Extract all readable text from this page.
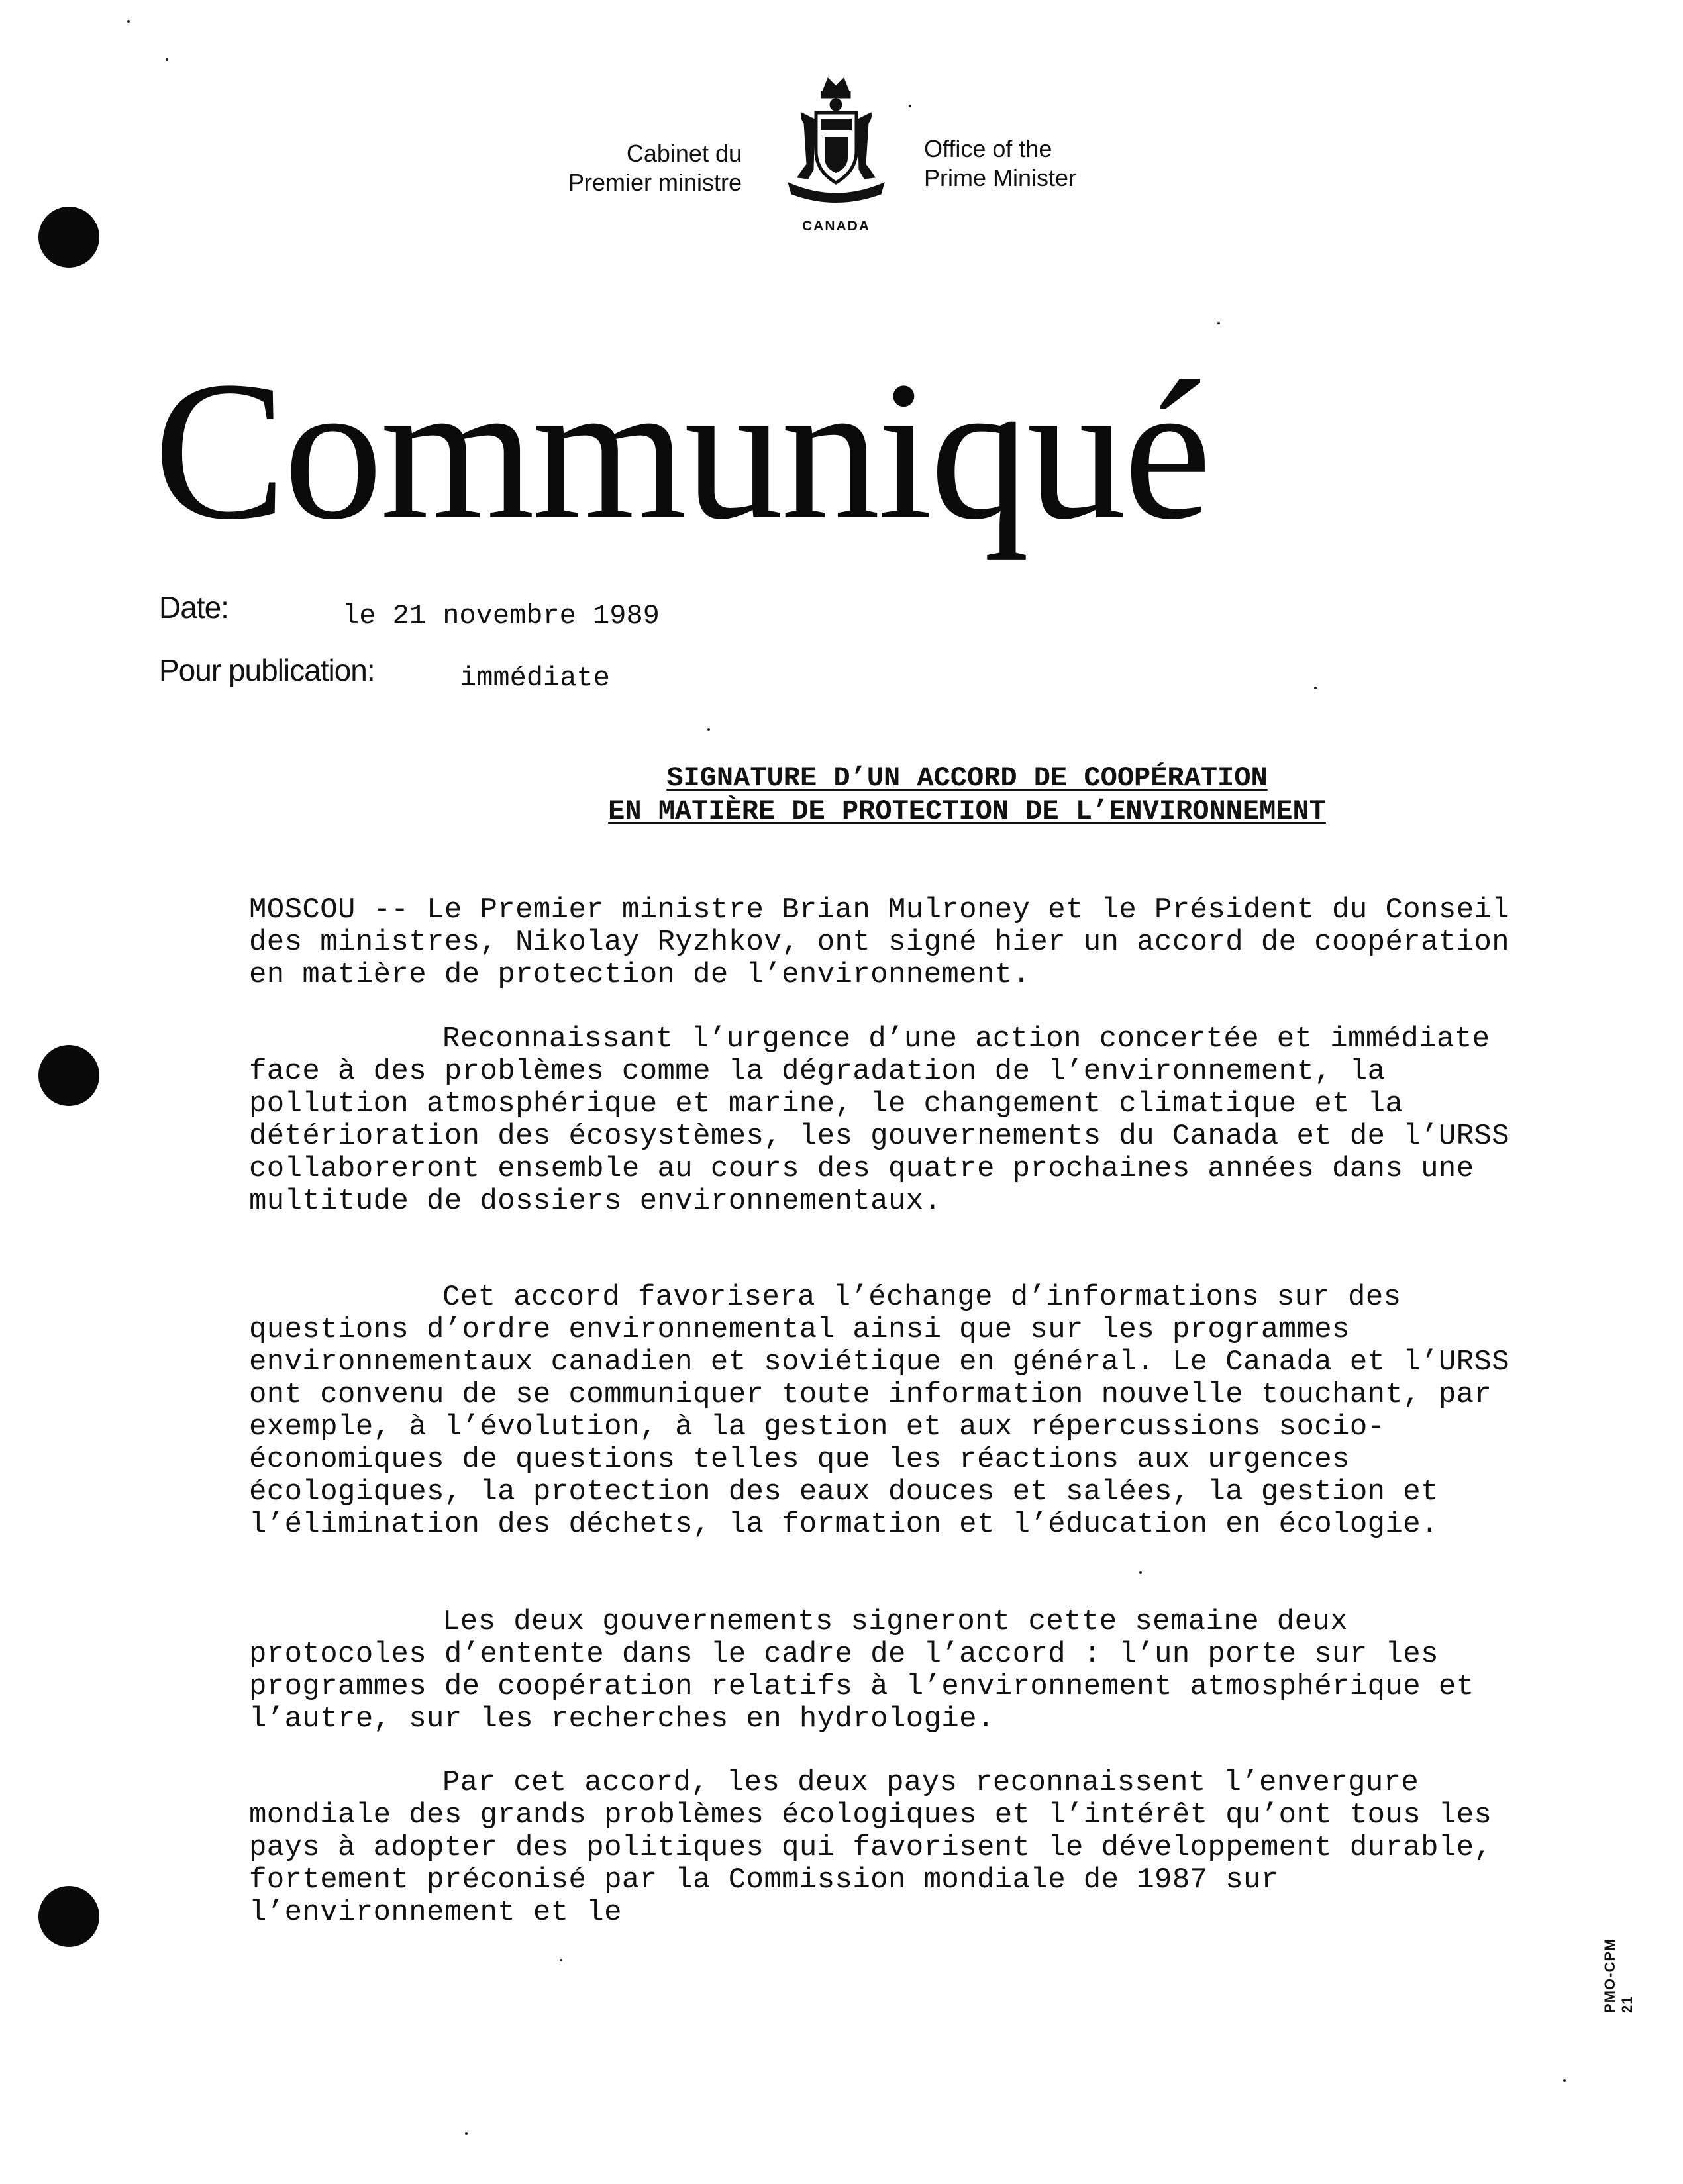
Cabinet du
Premier ministre
Office of the
Prime Minister
CANADA
Communiqué
Date:	le 21 novembre 1989
Pour publication:	immédiate
SIGNATURE D’UN ACCORD DE COOPÉRATION
EN MATIÈRE DE PROTECTION DE L’ENVIRONNEMENT
MOSCOU -- Le Premier ministre Brian Mulroney et le Président du Conseil des ministres, Nikolay Ryzhkov, ont signé hier un accord de coopération en matière de protection de l’environnement.
Reconnaissant l’urgence d’une action concertée et immédiate face à des problèmes comme la dégradation de l’environnement, la pollution atmosphérique et marine, le changement climatique et la détérioration des écosystèmes, les gouvernements du Canada et de l’URSS collaboreront ensemble au cours des quatre prochaines années dans une multitude de dossiers environnementaux.
Cet accord favorisera l’échange d’informations sur des questions d’ordre environnemental ainsi que sur les programmes environnementaux canadien et soviétique en général. Le Canada et l’URSS ont convenu de se communiquer toute information nouvelle touchant, par exemple, à l’évolution, à la gestion et aux répercussions socio-économiques de questions telles que les réactions aux urgences écologiques, la protection des eaux douces et salées, la gestion et l’élimination des déchets, la formation et l’éducation en écologie.
Les deux gouvernements signeront cette semaine deux protocoles d’entente dans le cadre de l’accord : l’un porte sur les programmes de coopération relatifs à l’environnement atmosphérique et l’autre, sur les recherches en hydrologie.
Par cet accord, les deux pays reconnaissent l’envergure mondiale des grands problèmes écologiques et l’intérêt qu’ont tous les pays à adopter des politiques qui favorisent le développement durable, fortement préconisé par la Commission mondiale de 1987 sur l’environnement et le
PMO-CPM 21
